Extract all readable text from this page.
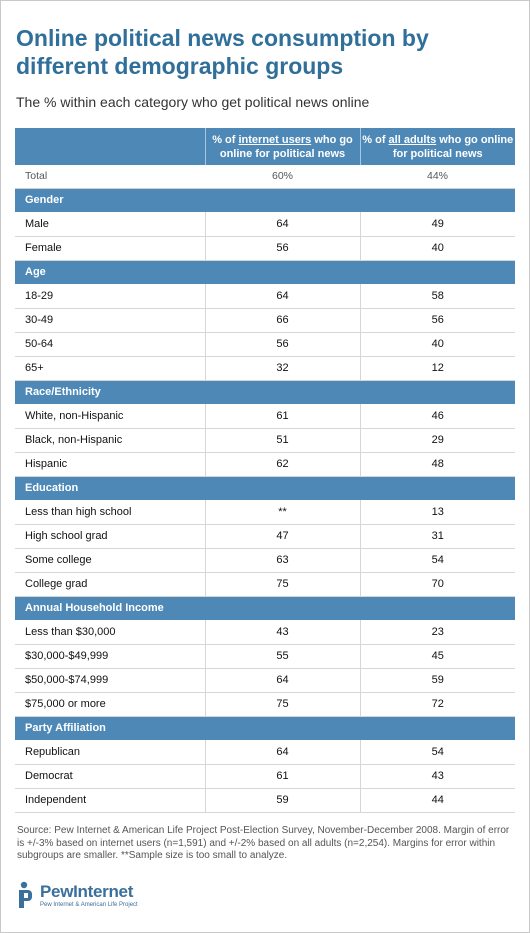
Online political news consumption by different demographic groups
The % within each category who get political news online
	% of internet users who go online for political news	% of all adults who go online for political news
Total	60%	44%
Gender		
Male	64	49
Female	56	40
Age		
18-29	64	58
30-49	66	56
50-64	56	40
65+	32	12
Race/Ethnicity		
White, non-Hispanic	61	46
Black, non-Hispanic	51	29
Hispanic	62	48
Education		
Less than high school	**	13
High school grad	47	31
Some college	63	54
College grad	75	70
Annual Household Income		
Less than $30,000	43	23
$30,000-$49,999	55	45
$50,000-$74,999	64	59
$75,000 or more	75	72
Party Affiliation		
Republican	64	54
Democrat	61	43
Independent	59	44
Source: Pew Internet & American Life Project Post-Election Survey, November-December 2008. Margin of error is +/-3% based on internet users (n=1,591) and +/-2% based on all adults (n=2,254). Margins for error within subgroups are smaller. **Sample size is too small to analyze.
PewInternet
Pew Internet & American Life Project
